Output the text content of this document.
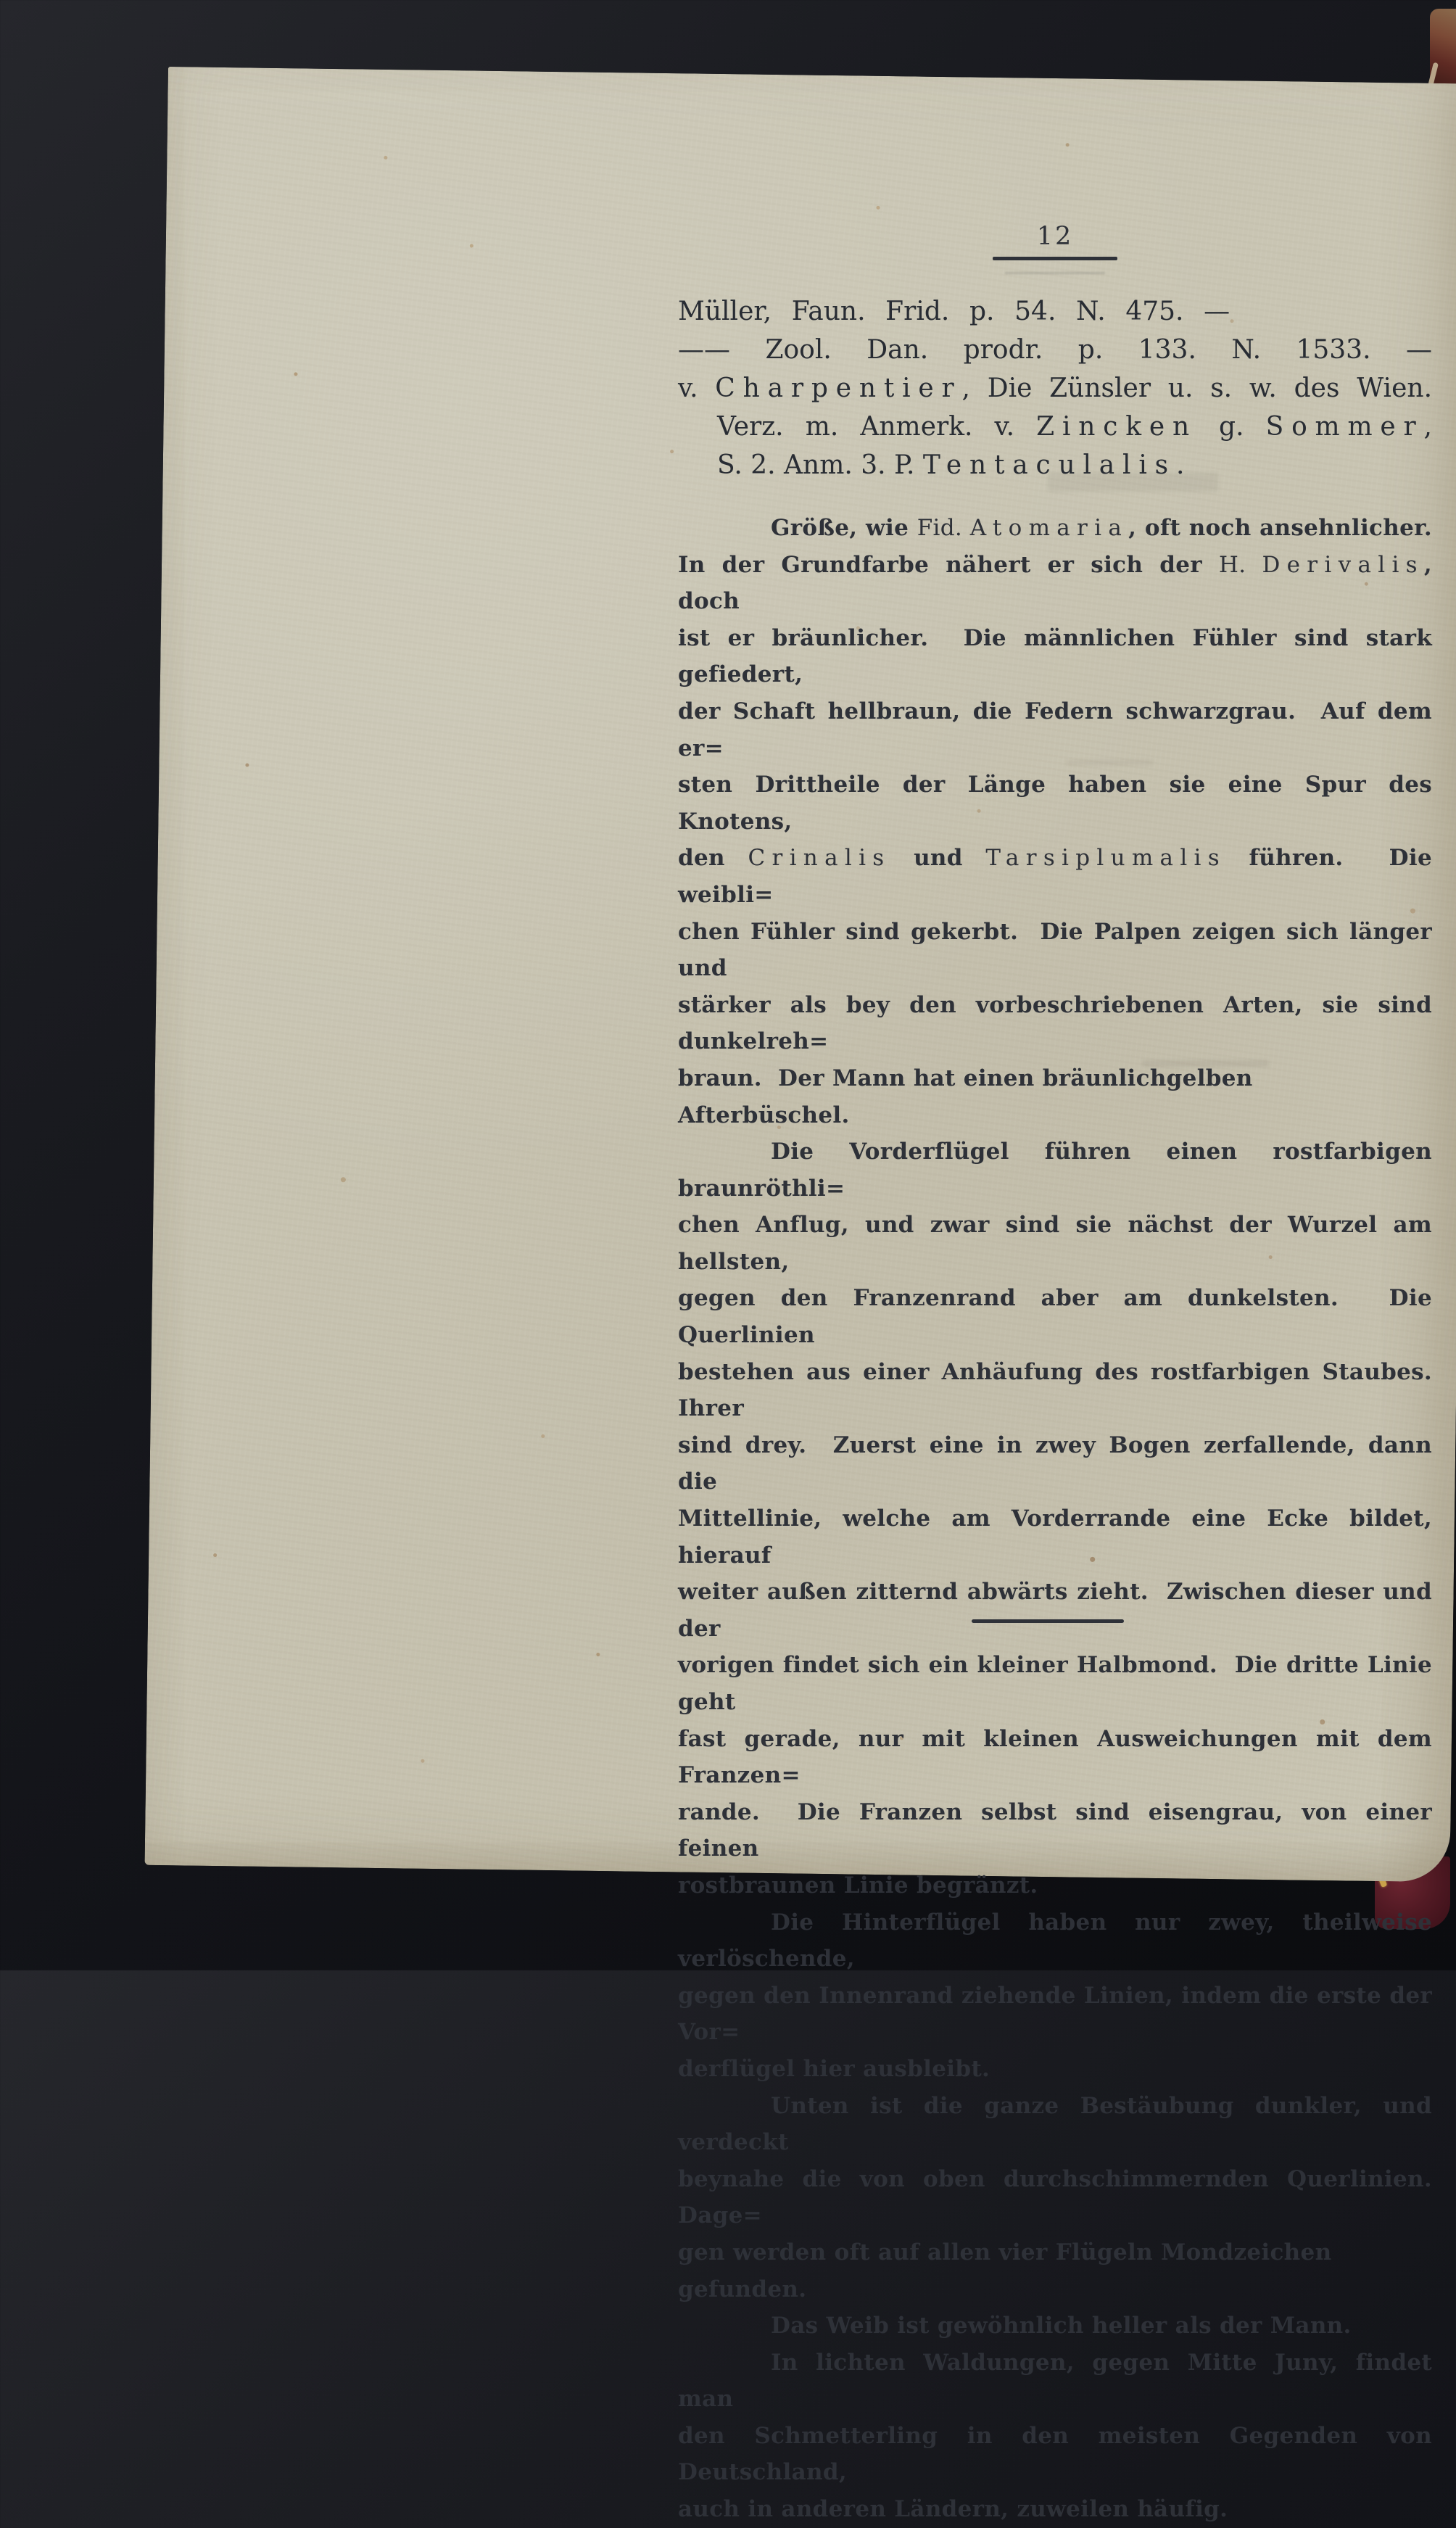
12
Müller, Faun. Frid. p. 54. N. 475. —
—— Zool. Dan. prodr. p. 133. N. 1533. —
v. Charpentier, Die Zünsler u. s. w. des Wien.
Verz. m. Anmerk. v. Zincken g. Sommer,
S. 2. Anm. 3. P. Tentaculalis.
Größe, wie Fid. Atomaria, oft noch ansehnlicher.
In der Grundfarbe nähert er sich der H. Derivalis, doch
ist er bräunlicher.  Die männlichen Fühler sind stark gefiedert,
der Schaft hellbraun, die Federn schwarzgrau.  Auf dem er=
sten Drittheile der Länge haben sie eine Spur des Knotens,
den Crinalis und Tarsiplumalis führen.  Die weibli=
chen Fühler sind gekerbt.  Die Palpen zeigen sich länger und
stärker als bey den vorbeschriebenen Arten, sie sind dunkelreh=
braun.  Der Mann hat einen bräunlichgelben Afterbüschel.
Die Vorderflügel führen einen rostfarbigen braunröthli=
chen Anflug, und zwar sind sie nächst der Wurzel am hellsten,
gegen den Franzenrand aber am dunkelsten.  Die Querlinien
bestehen aus einer Anhäufung des rostfarbigen Staubes.  Ihrer
sind drey.  Zuerst eine in zwey Bogen zerfallende, dann die
Mittellinie, welche am Vorderrande eine Ecke bildet, hierauf
weiter außen zitternd abwärts zieht.  Zwischen dieser und der
vorigen findet sich ein kleiner Halbmond.  Die dritte Linie geht
fast gerade, nur mit kleinen Ausweichungen mit dem Franzen=
rande.  Die Franzen selbst sind eisengrau, von einer feinen
rostbraunen Linie begränzt.
Die Hinterflügel haben nur zwey, theilweise verlöschende,
gegen den Innenrand ziehende Linien, indem die erste der Vor=
derflügel hier ausbleibt.
Unten ist die ganze Bestäubung dunkler, und verdeckt
beynahe die von oben durchschimmernden Querlinien.  Dage=
gen werden oft auf allen vier Flügeln Mondzeichen gefunden.
Das Weib ist gewöhnlich heller als der Mann.
In lichten Waldungen, gegen Mitte Juny, findet man
den Schmetterling in den meisten Gegenden von Deutschland,
auch in anderen Ländern, zuweilen häufig.
